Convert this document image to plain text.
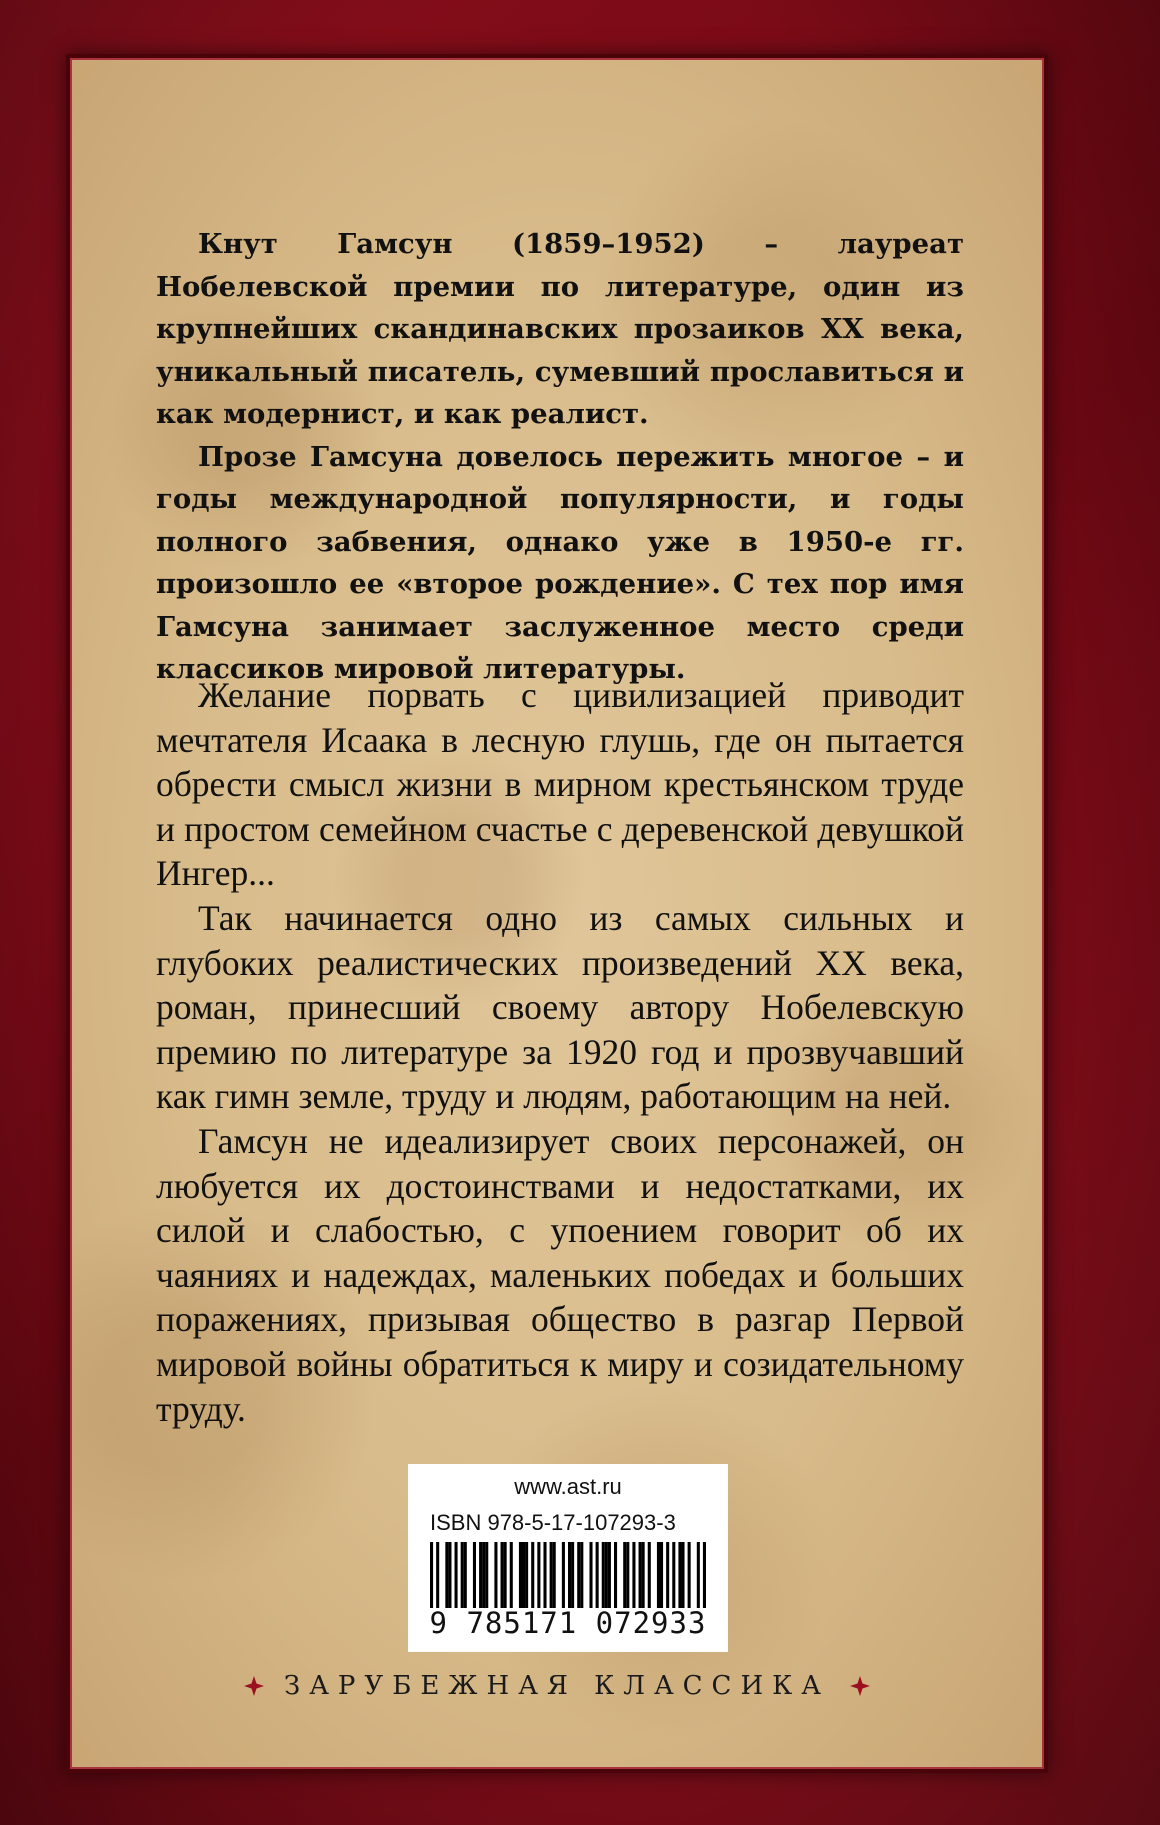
Кнут Гамсун (1859–1952) – лауреат Нобелевской премии по литературе, один из крупнейших скандинавских прозаиков XX века, уникальный писатель, сумевший прославиться и как модернист, и как реалист.

Прозе Гамсуна довелось пережить многое – и годы международной популярности, и годы полного забвения, однако уже в 1950-е гг. произошло ее «второе рождение». С тех пор имя Гамсуна занимает заслуженное место среди классиков мировой литературы.

Желание порвать с цивилизацией приводит мечтателя Исаака в лесную глушь, где он пытается обрести смысл жизни в мирном крестьянском труде и простом семейном счастье с деревенской девушкой Ингер...

Так начинается одно из самых сильных и глубоких реалистических произведений XX века, роман, принесший своему автору Нобелевскую премию по литературе за 1920 год и прозвучавший как гимн земле, труду и людям, работающим на ней.

Гамсун не идеализирует своих персонажей, он любуется их достоинствами и недостатками, их силой и слабостью, с упоением говорит об их чаяниях и надеждах, маленьких победах и больших поражениях, призывая общество в разгар Первой мировой войны обратиться к миру и созидательному труду.

www.ast.ru
ISBN 978-5-17-107293-3
9 785171 072933
ЗАРУБЕЖНАЯ КЛАССИКА
